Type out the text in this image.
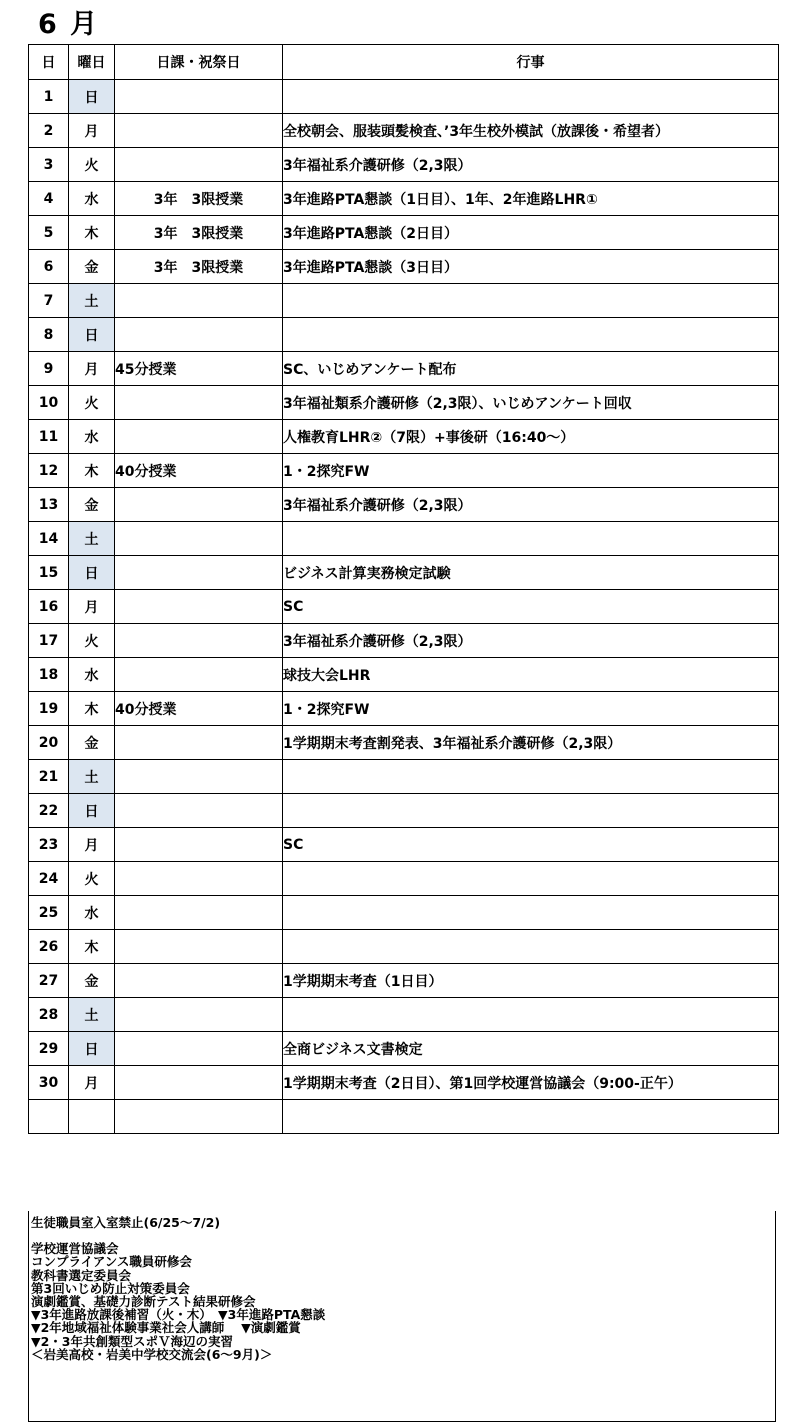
6 月
日	曜日	日課・祝祭日	行事
1	日		
2	月		全校朝会、服装頭髪検査、’3年生校外模試（放課後・希望者）
3	火		3年福祉系介護研修（2,3限）
4	水	3年　3限授業	3年進路PTA懇談（1日目）、1年、2年進路LHR①
5	木	3年　3限授業	3年進路PTA懇談（2日目）
6	金	3年　3限授業	3年進路PTA懇談（3日目）
7	土		
8	日		
9	月	45分授業	SC、いじめアンケート配布
10	火		3年福祉類系介護研修（2,3限）、いじめアンケート回収
11	水		人権教育LHR②（7限）+事後研（16:40～）
12	木	40分授業	1・2探究FW
13	金		3年福祉系介護研修（2,3限）
14	土		
15	日		ビジネス計算実務検定試験
16	月		SC
17	火		3年福祉系介護研修（2,3限）
18	水		球技大会LHR
19	木	40分授業	1・2探究FW
20	金		1学期期末考査割発表、3年福祉系介護研修（2,3限）
21	土		
22	日		
23	月		SC
24	火		
25	水		
26	木		
27	金		1学期期末考査（1日目）
28	土		
29	日		全商ビジネス文書検定
30	月		1学期期末考査（2日目）、第1回学校運営協議会（9:00‐正午）

生徒職員室入室禁止(6/25～7/2)
学校運営協議会
コンプライアンス職員研修会
教科書選定委員会
第3回いじめ防止対策委員会
演劇鑑賞、基礎力診断テスト結果研修会
▼3年進路放課後補習（火・木）　▼3年進路PTA懇談
▼2年地域福祉体験事業社会人講師　 ▼演劇鑑賞
▼2・3年共創類型スポＶ海辺の実習
＜岩美高校・岩美中学校交流会(6～9月)＞
